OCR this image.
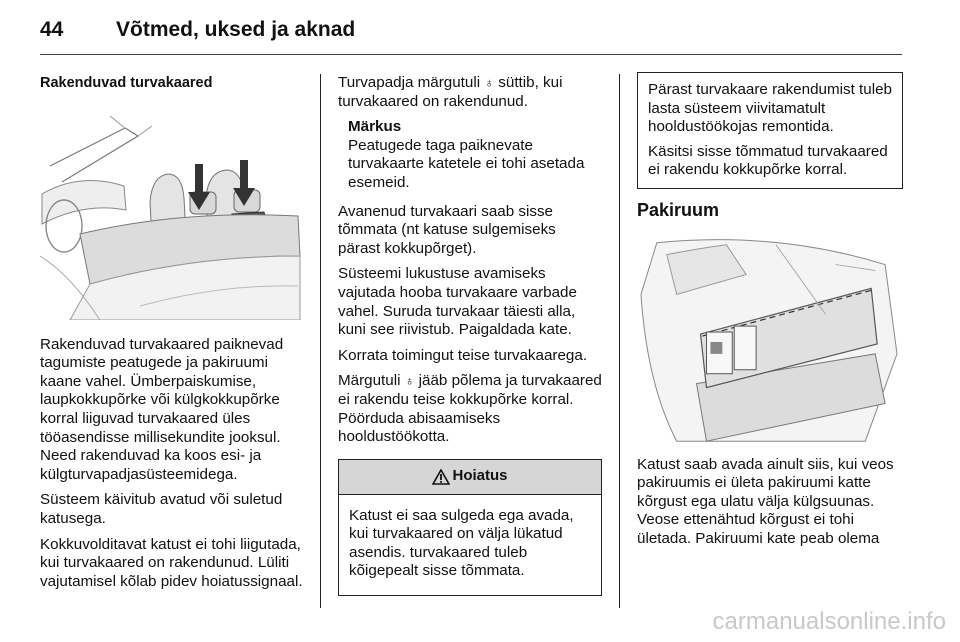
44	Võtmed, uksed ja aknad
Rakenduvad turvakaared

Rakenduvad turvakaared paiknevad tagumiste peatugede ja pakiruumi kaane vahel. Ümberpaiskumise, laupkokkupõrke või külgkokkupõrke korral liiguvad turvakaared üles tööasendisse millisekundite jooksul. Need rakenduvad ka koos esi- ja külgturvapadjasüsteemidega.

Süsteem käivitub avatud või suletud katusega.

Kokkuvolditavat katust ei tohi liigutada, kui turvakaared on rakendunud. Lüliti vajutamisel kõlab pidev hoiatussignaal.

Turvapadja märgutuli ♁ süttib, kui turvakaared on rakendunud.

Märkus
Peatugede taga paiknevate turvakaarte katetele ei tohi asetada esemeid.

Avanenud turvakaari saab sisse tõmmata (nt katuse sulgemiseks pärast kokkupõrget).

Süsteemi lukustuse avamiseks vajutada hooba turvakaare varbade vahel. Suruda turvakaar täiesti alla, kuni see riivistub. Paigaldada kate.

Korrata toimingut teise turvakaarega.

Märgutuli ♁ jääb põlema ja turvakaared ei rakendu teise kokkupõrke korral. Pöörduda abisaamiseks hooldustöökotta.

Hoiatus
Katust ei saa sulgeda ega avada, kui turvakaared on välja lükatud asendis. turvakaared tuleb kõigepealt sisse tõmmata.

Pärast turvakaare rakendumist tuleb lasta süsteem viivitamatult hooldustöökojas remontida.

Käsitsi sisse tõmmatud turvakaared ei rakendu kokkupõrke korral.

Pakiruum

Katust saab avada ainult siis, kui veos pakiruumis ei ületa pakiruumi katte kõrgust ega ulatu välja külgsuunas. Veose ettenähtud kõrgust ei tohi ületada. Pakiruumi kate peab olema

carmanualsonline.info
